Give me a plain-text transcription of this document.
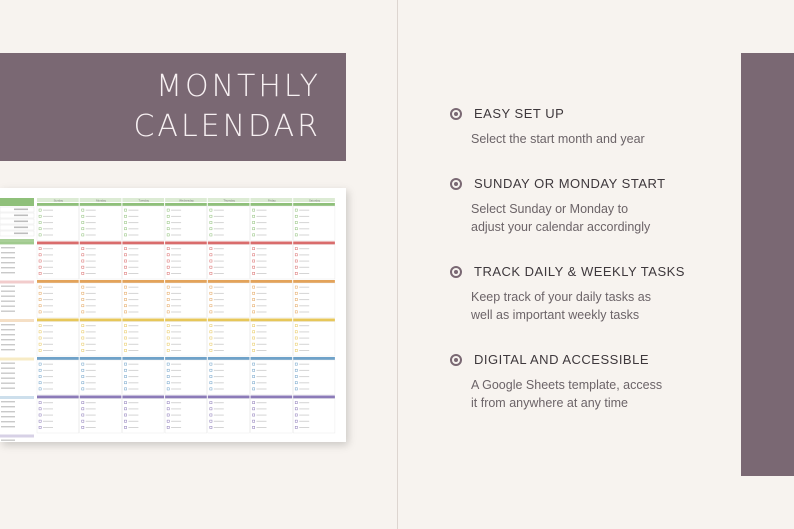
MONTHLY
CALENDAR
Sunday	Monday	Tuesday	Wednesday	Thursday	Friday	Saturday
EASY SET UP
Select the start month and year
SUNDAY OR MONDAY START
Select Sunday or Monday to
adjust your calendar accordingly
TRACK DAILY & WEEKLY TASKS
Keep track of your daily tasks as
well as important weekly tasks
DIGITAL AND ACCESSIBLE
A Google Sheets template, access
it from anywhere at any time
